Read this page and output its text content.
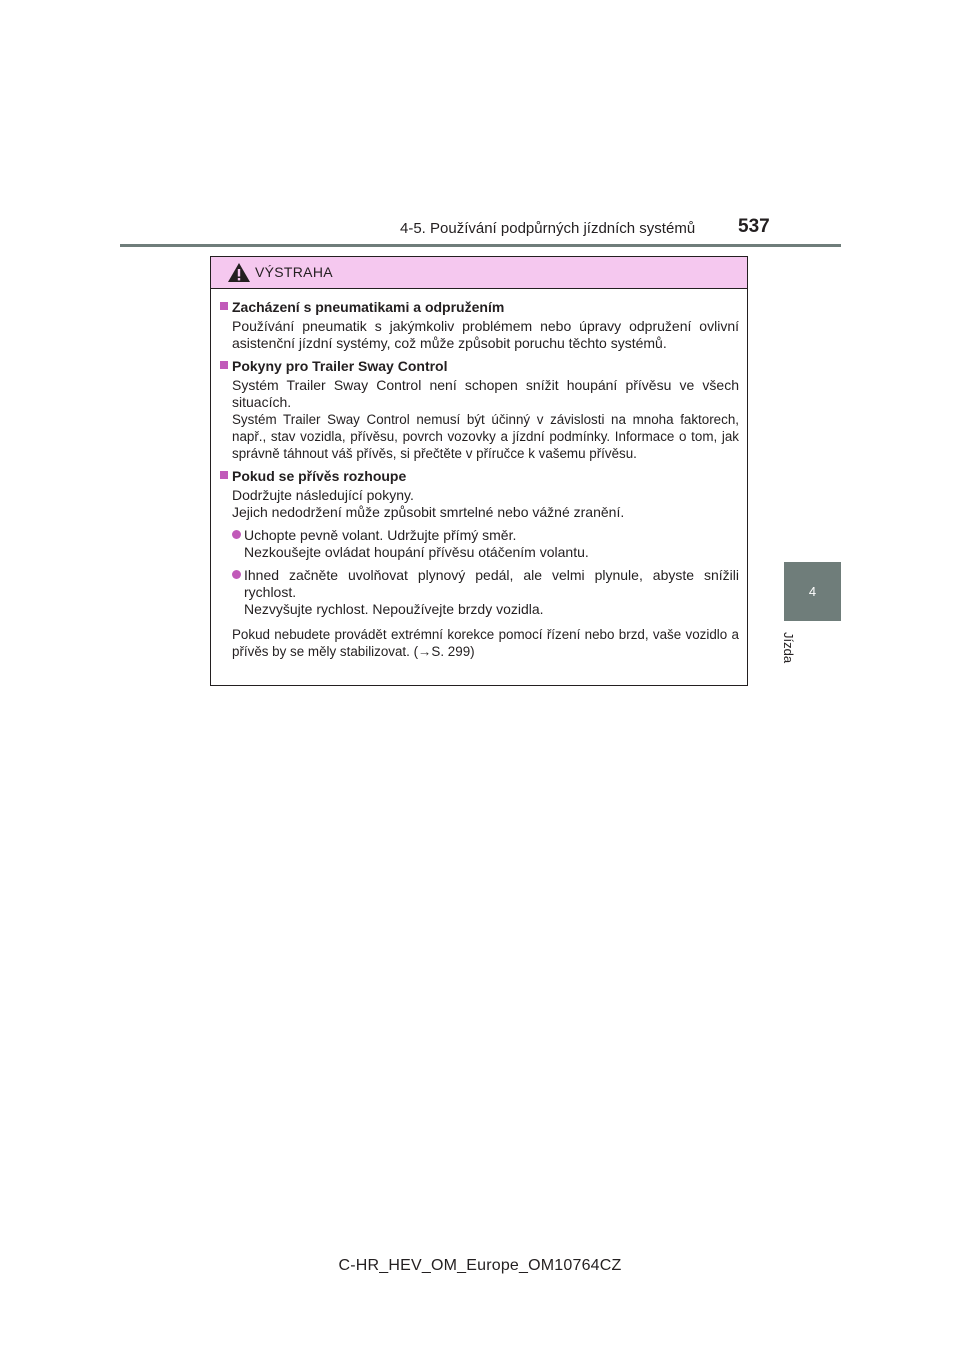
4-5. Používání podpůrných jízdních systémů 537
4
Jízda
VÝSTRAHA

Zacházení s pneumatikami a odpružením

Používání pneumatik s jakýmkoliv problémem nebo úpravy odpružení ovlivní asistenční jízdní systémy, což může způsobit poruchu těchto systémů.

Pokyny pro Trailer Sway Control

Systém Trailer Sway Control není schopen snížit houpání přívěsu ve všech situacích.

Systém Trailer Sway Control nemusí být účinný v závislosti na mnoha faktorech, např., stav vozidla, přívěsu, povrch vozovky a jízdní podmínky. Informace o tom, jak správně táhnout váš přívěs, si přečtěte v příručce k vašemu přívěsu.

Pokud se přívěs rozhoupe

Dodržujte následující pokyny.

Jejich nedodržení může způsobit smrtelné nebo vážné zranění.

Uchopte pevně volant. Udržujte přímý směr.
Nezkoušejte ovládat houpání přívěsu otáčením volantu.
Ihned začněte uvolňovat plynový pedál, ale velmi plynule, abyste snížili rychlost.
Nezvyšujte rychlost. Nepoužívejte brzdy vozidla.

Pokud nebudete provádět extrémní korekce pomocí řízení nebo brzd, vaše vozidlo a přívěs by se měly stabilizovat. (→S. 299)

C-HR_HEV_OM_Europe_OM10764CZ
